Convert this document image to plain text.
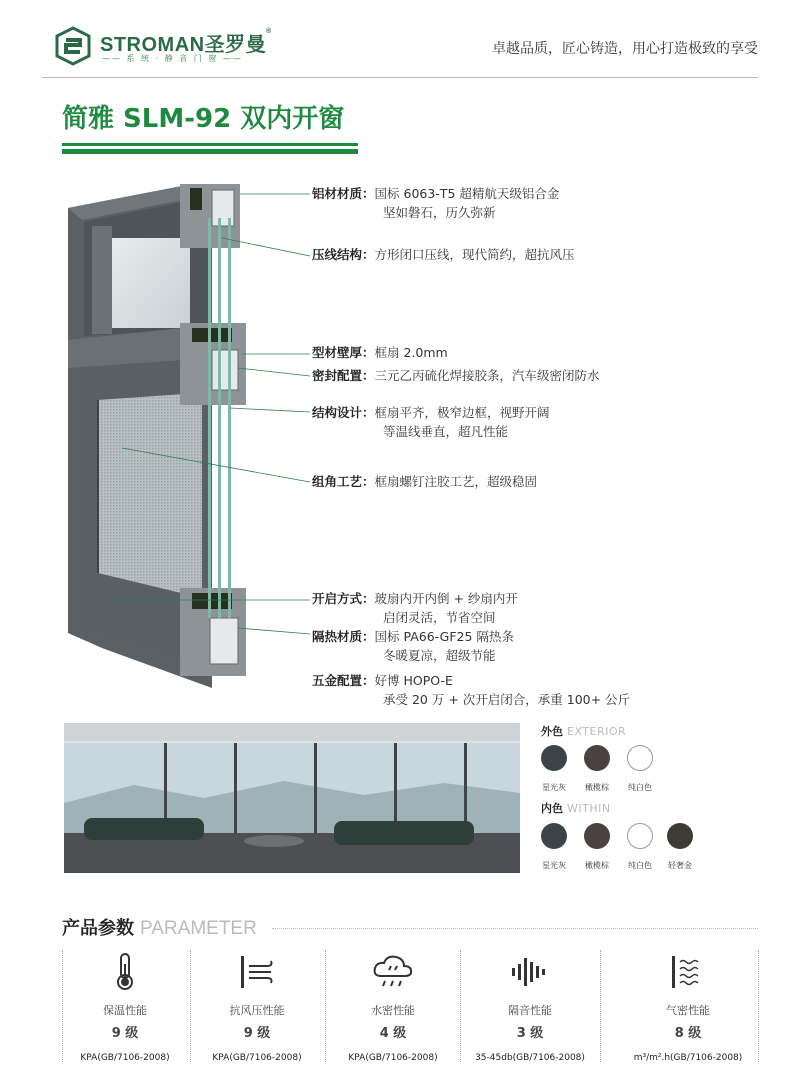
STROMAN圣罗曼®
—— 系 统 · 静 音 门 窗 ——
卓越品质，匠心铸造，用心打造极致的享受
简雅 SLM-92 双内开窗
铝材材质：国标 6063-T5 超精航天级铝合金
坚如磐石，历久弥新
压线结构：方形闭口压线，现代简约，超抗风压
型材壁厚：框扇 2.0mm
密封配置：三元乙丙硫化焊接胶条，汽车级密闭防水
结构设计：框扇平齐，极窄边框，视野开阔
等温线垂直，超凡性能
组角工艺：框扇螺钉注胶工艺，超级稳固
开启方式：玻扇内开内倒 + 纱扇内开
启闭灵活，节省空间
隔热材质：国标 PA66-GF25 隔热条
冬暖夏凉，超级节能
五金配置：好博 HOPO-E
承受 20 万 + 次开启闭合，承重 100+ 公斤
外色 EXTERIOR
星光灰	橄榄棕	纯白色
内色 WITHIN
星光灰	橄榄棕	纯白色	轻奢金
产品参数 PARAMETER
保温性能
9 级
KPA(GB/7106-2008)
抗风压性能
9 级
KPA(GB/7106-2008)
水密性能
4 级
KPA(GB/7106-2008)
隔音性能
3 级
35-45db(GB/7106-2008)
气密性能
8 级
m³/m².h(GB/7106-2008)
